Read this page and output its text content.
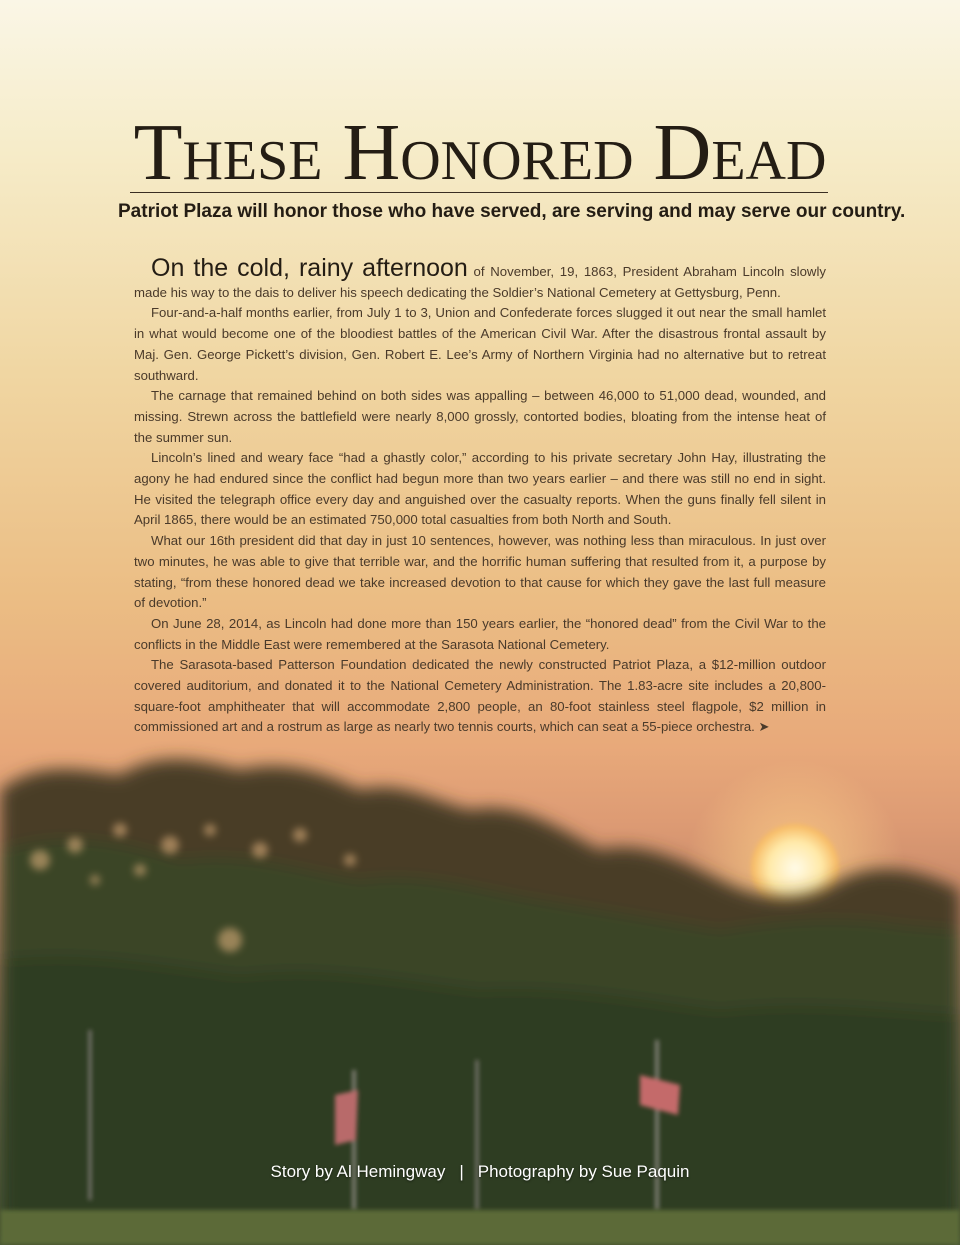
These Honored Dead
Patriot Plaza will honor those who have served, are serving and may serve our country.

On the cold, rainy afternoon of November, 19, 1863, President Abraham Lincoln slowly made his way to the dais to deliver his speech dedicating the Soldier’s National Cemetery at Gettysburg, Penn.

Four-and-a-half months earlier, from July 1 to 3, Union and Confederate forces slugged it out near the small hamlet in what would become one of the bloodiest battles of the American Civil War. After the disastrous frontal assault by Maj. Gen. George Pickett’s division, Gen. Robert E. Lee’s Army of Northern Virginia had no alternative but to retreat southward.

The carnage that remained behind on both sides was appalling – between 46,000 to 51,000 dead, wounded, and missing. Strewn across the battlefield were nearly 8,000 grossly, contorted bodies, bloating from the intense heat of the summer sun.

Lincoln’s lined and weary face “had a ghastly color,” according to his private secretary John Hay, illustrating the agony he had endured since the conflict had begun more than two years earlier – and there was still no end in sight. He visited the telegraph office every day and anguished over the casualty reports. When the guns finally fell silent in April 1865, there would be an estimated 750,000 total casualties from both North and South.

What our 16th president did that day in just 10 sentences, however, was nothing less than miraculous. In just over two minutes, he was able to give that terrible war, and the horrific human suffering that resulted from it, a purpose by stating, “from these honored dead we take increased devotion to that cause for which they gave the last full measure of devotion.”

On June 28, 2014, as Lincoln had done more than 150 years earlier, the “honored dead” from the Civil War to the conflicts in the Middle East were remembered at the Sarasota National Cemetery.

The Sarasota-based Patterson Foundation dedicated the newly constructed Patriot Plaza, a $12-million outdoor covered auditorium, and donated it to the National Cemetery Administration. The 1.83-acre site includes a 20,800-square-foot amphitheater that will accommodate 2,800 people, an 80-foot stainless steel flagpole, $2 million in commissioned art and a rostrum as large as nearly two tennis courts, which can seat a 55-piece orchestra. ➤

Story by Al Hemingway | Photography by Sue Paquin
